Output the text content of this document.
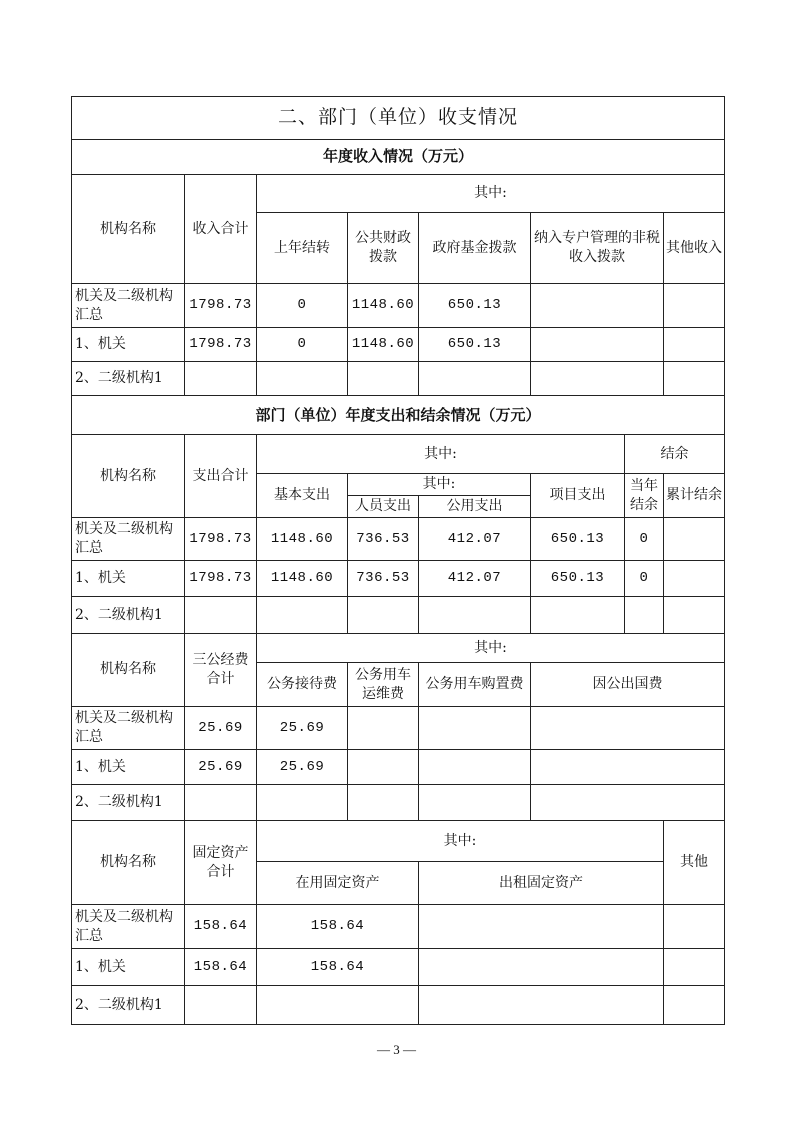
二、部门（单位）收支情况							
年度收入情况（万元）							
机构名称	收入合计	其中:					
		上年结转	公共财政拨款	政府基金拨款	纳入专户管理的非税收入拨款		其他收入
机关及二级机构汇总	1798.73	0	1148.60	650.13			
1、机关	1798.73	0	1148.60	650.13			
2、二级机构1							
部门（单位）年度支出和结余情况（万元）							
机构名称	支出合计	其中:				结余	
		基本支出	其中:		项目支出	当年结余	累计结余
			人员支出	公用支出			
机关及二级机构汇总	1798.73	1148.60	736.53	412.07	650.13	0	
1、机关	1798.73	1148.60	736.53	412.07	650.13	0	
2、二级机构1							
机构名称	三公经费合计	其中:					
		公务接待费	公务用车运维费	公务用车购置费	因公出国费		
机关及二级机构汇总	25.69	25.69					
1、机关	25.69	25.69					
2、二级机构1							
机构名称	固定资产合计	其中:					其他
		在用固定资产		出租固定资产			
机关及二级机构汇总	158.64	158.64					
1、机关	158.64	158.64					
2、二级机构1							
— 3 —
